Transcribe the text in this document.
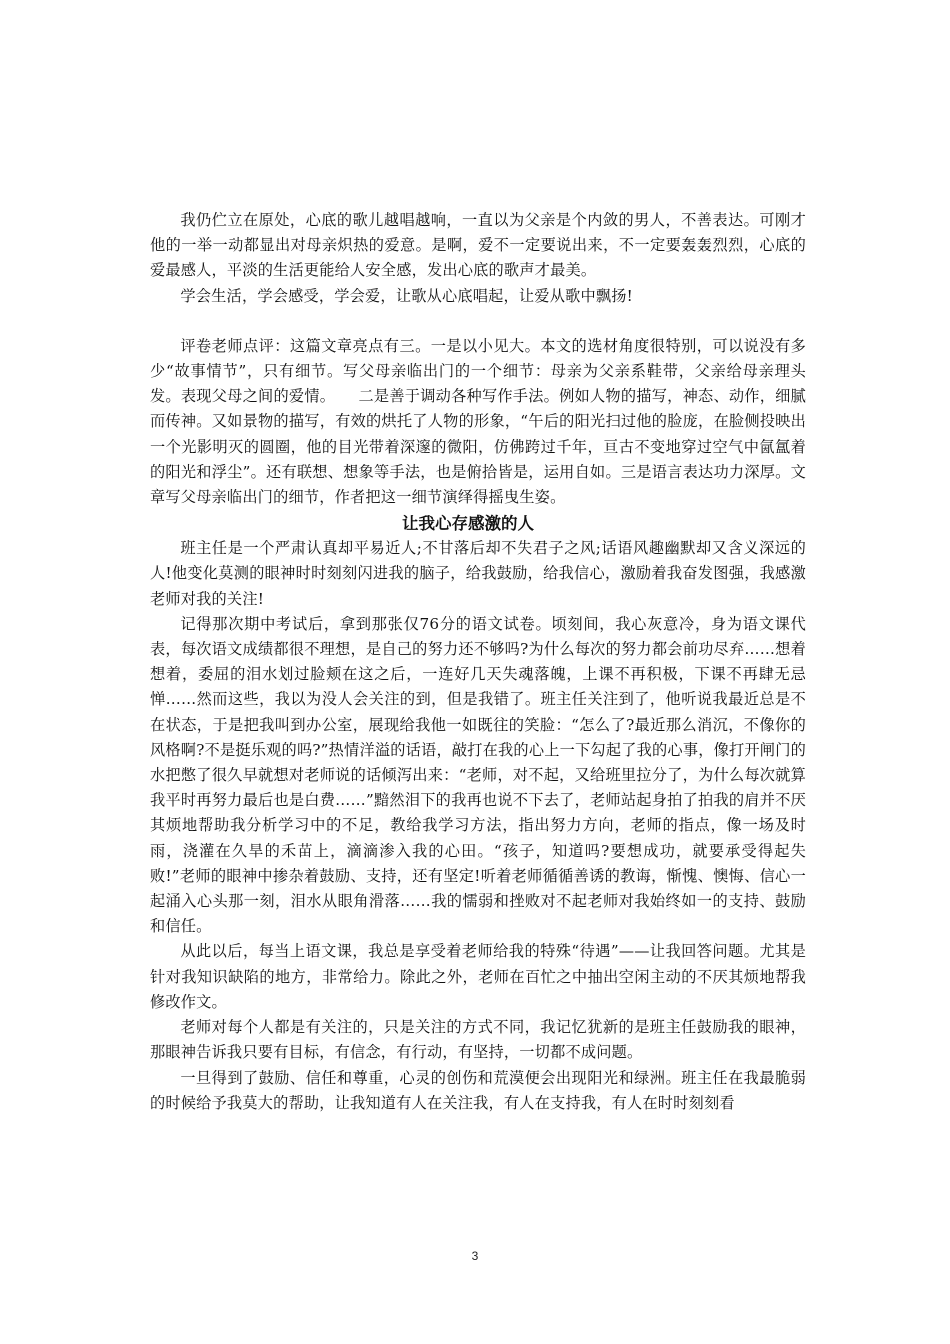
我仍伫立在原处，心底的歌儿越唱越响，一直以为父亲是个内敛的男人，不善表达。可刚才他的一举一动都显出对母亲炽热的爱意。是啊，爱不一定要说出来，不一定要轰轰烈烈，心底的爱最感人，平淡的生活更能给人安全感，发出心底的歌声才最美。

学会生活，学会感受，学会爱，让歌从心底唱起，让爱从歌中飘扬!

评卷老师点评：这篇文章亮点有三。一是以小见大。本文的选材角度很特别，可以说没有多少“故事情节”，只有细节。写父母亲临出门的一个细节：母亲为父亲系鞋带，父亲给母亲理头发。表现父母之间的爱情。　　二是善于调动各种写作手法。例如人物的描写，神态、动作，细腻而传神。又如景物的描写，有效的烘托了人物的形象，“午后的阳光扫过他的脸庞，在脸侧投映出一个光影明灭的圆圈，他的目光带着深邃的微阳，仿佛跨过千年，亘古不变地穿过空气中氤氲着的阳光和浮尘”。还有联想、想象等手法，也是俯拾皆是，运用自如。三是语言表达功力深厚。文章写父母亲临出门的细节，作者把这一细节演绎得摇曳生姿。

让我心存感激的人

班主任是一个严肃认真却平易近人;不甘落后却不失君子之风;话语风趣幽默却又含义深远的人!他变化莫测的眼神时时刻刻闪进我的脑子，给我鼓励，给我信心，激励着我奋发图强，我感激老师对我的关注!

记得那次期中考试后，拿到那张仅76分的语文试卷。顷刻间，我心灰意冷，身为语文课代表，每次语文成绩都很不理想，是自己的努力还不够吗?为什么每次的努力都会前功尽弃……想着想着，委屈的泪水划过脸颊在这之后，一连好几天失魂落魄，上课不再积极，下课不再肆无忌惮……然而这些，我以为没人会关注的到，但是我错了。班主任关注到了，他听说我最近总是不在状态，于是把我叫到办公室，展现给我他一如既往的笑脸：“怎么了?最近那么消沉，不像你的风格啊?不是挺乐观的吗?”热情洋溢的话语，敲打在我的心上一下勾起了我的心事，像打开闸门的水把憋了很久早就想对老师说的话倾泻出来：“老师，对不起，又给班里拉分了，为什么每次就算我平时再努力最后也是白费……”黯然泪下的我再也说不下去了，老师站起身拍了拍我的肩并不厌其烦地帮助我分析学习中的不足，教给我学习方法，指出努力方向，老师的指点，像一场及时雨，浇灌在久旱的禾苗上，滴滴渗入我的心田。“孩子，知道吗?要想成功，就要承受得起失败!”老师的眼神中掺杂着鼓励、支持，还有坚定!听着老师循循善诱的教诲，惭愧、懊悔、信心一起涌入心头那一刻，泪水从眼角滑落……我的懦弱和挫败对不起老师对我始终如一的支持、鼓励和信任。

从此以后，每当上语文课，我总是享受着老师给我的特殊“待遇”——让我回答问题。尤其是针对我知识缺陷的地方，非常给力。除此之外，老师在百忙之中抽出空闲主动的不厌其烦地帮我修改作文。

老师对每个人都是有关注的，只是关注的方式不同，我记忆犹新的是班主任鼓励我的眼神，那眼神告诉我只要有目标，有信念，有行动，有坚持，一切都不成问题。

一旦得到了鼓励、信任和尊重，心灵的创伤和荒漠便会出现阳光和绿洲。班主任在我最脆弱的时候给予我莫大的帮助，让我知道有人在关注我，有人在支持我，有人在时时刻刻看

3
